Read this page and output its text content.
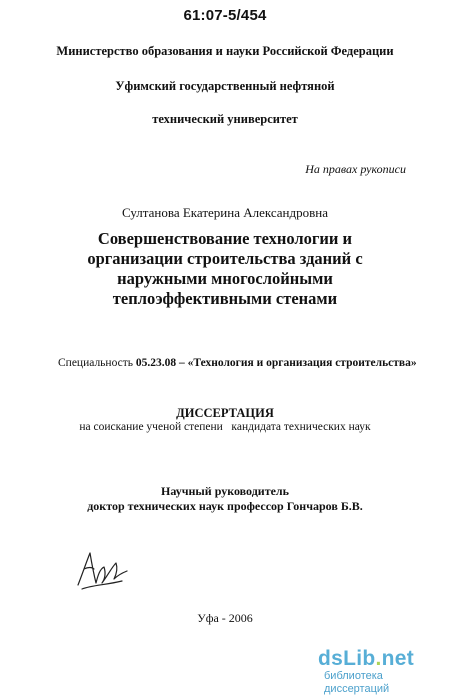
61:07-5/454
Министерство образования и науки Российской Федерации
Уфимский государственный нефтяной
технический университет
На правах рукописи
Султанова Екатерина Александровна
Совершенствование технологии и
организации строительства зданий с
наружными многослойными
теплоэффективными стенами
Специальность 05.23.08 – «Технология и организация строительства»
ДИССЕРТАЦИЯ
на соискание ученой степени   кандидата технических наук
Научный руководитель
доктор технических наук профессор Гончаров Б.В.
Уфа - 2006
dsLib.net
библиотека диссертаций
